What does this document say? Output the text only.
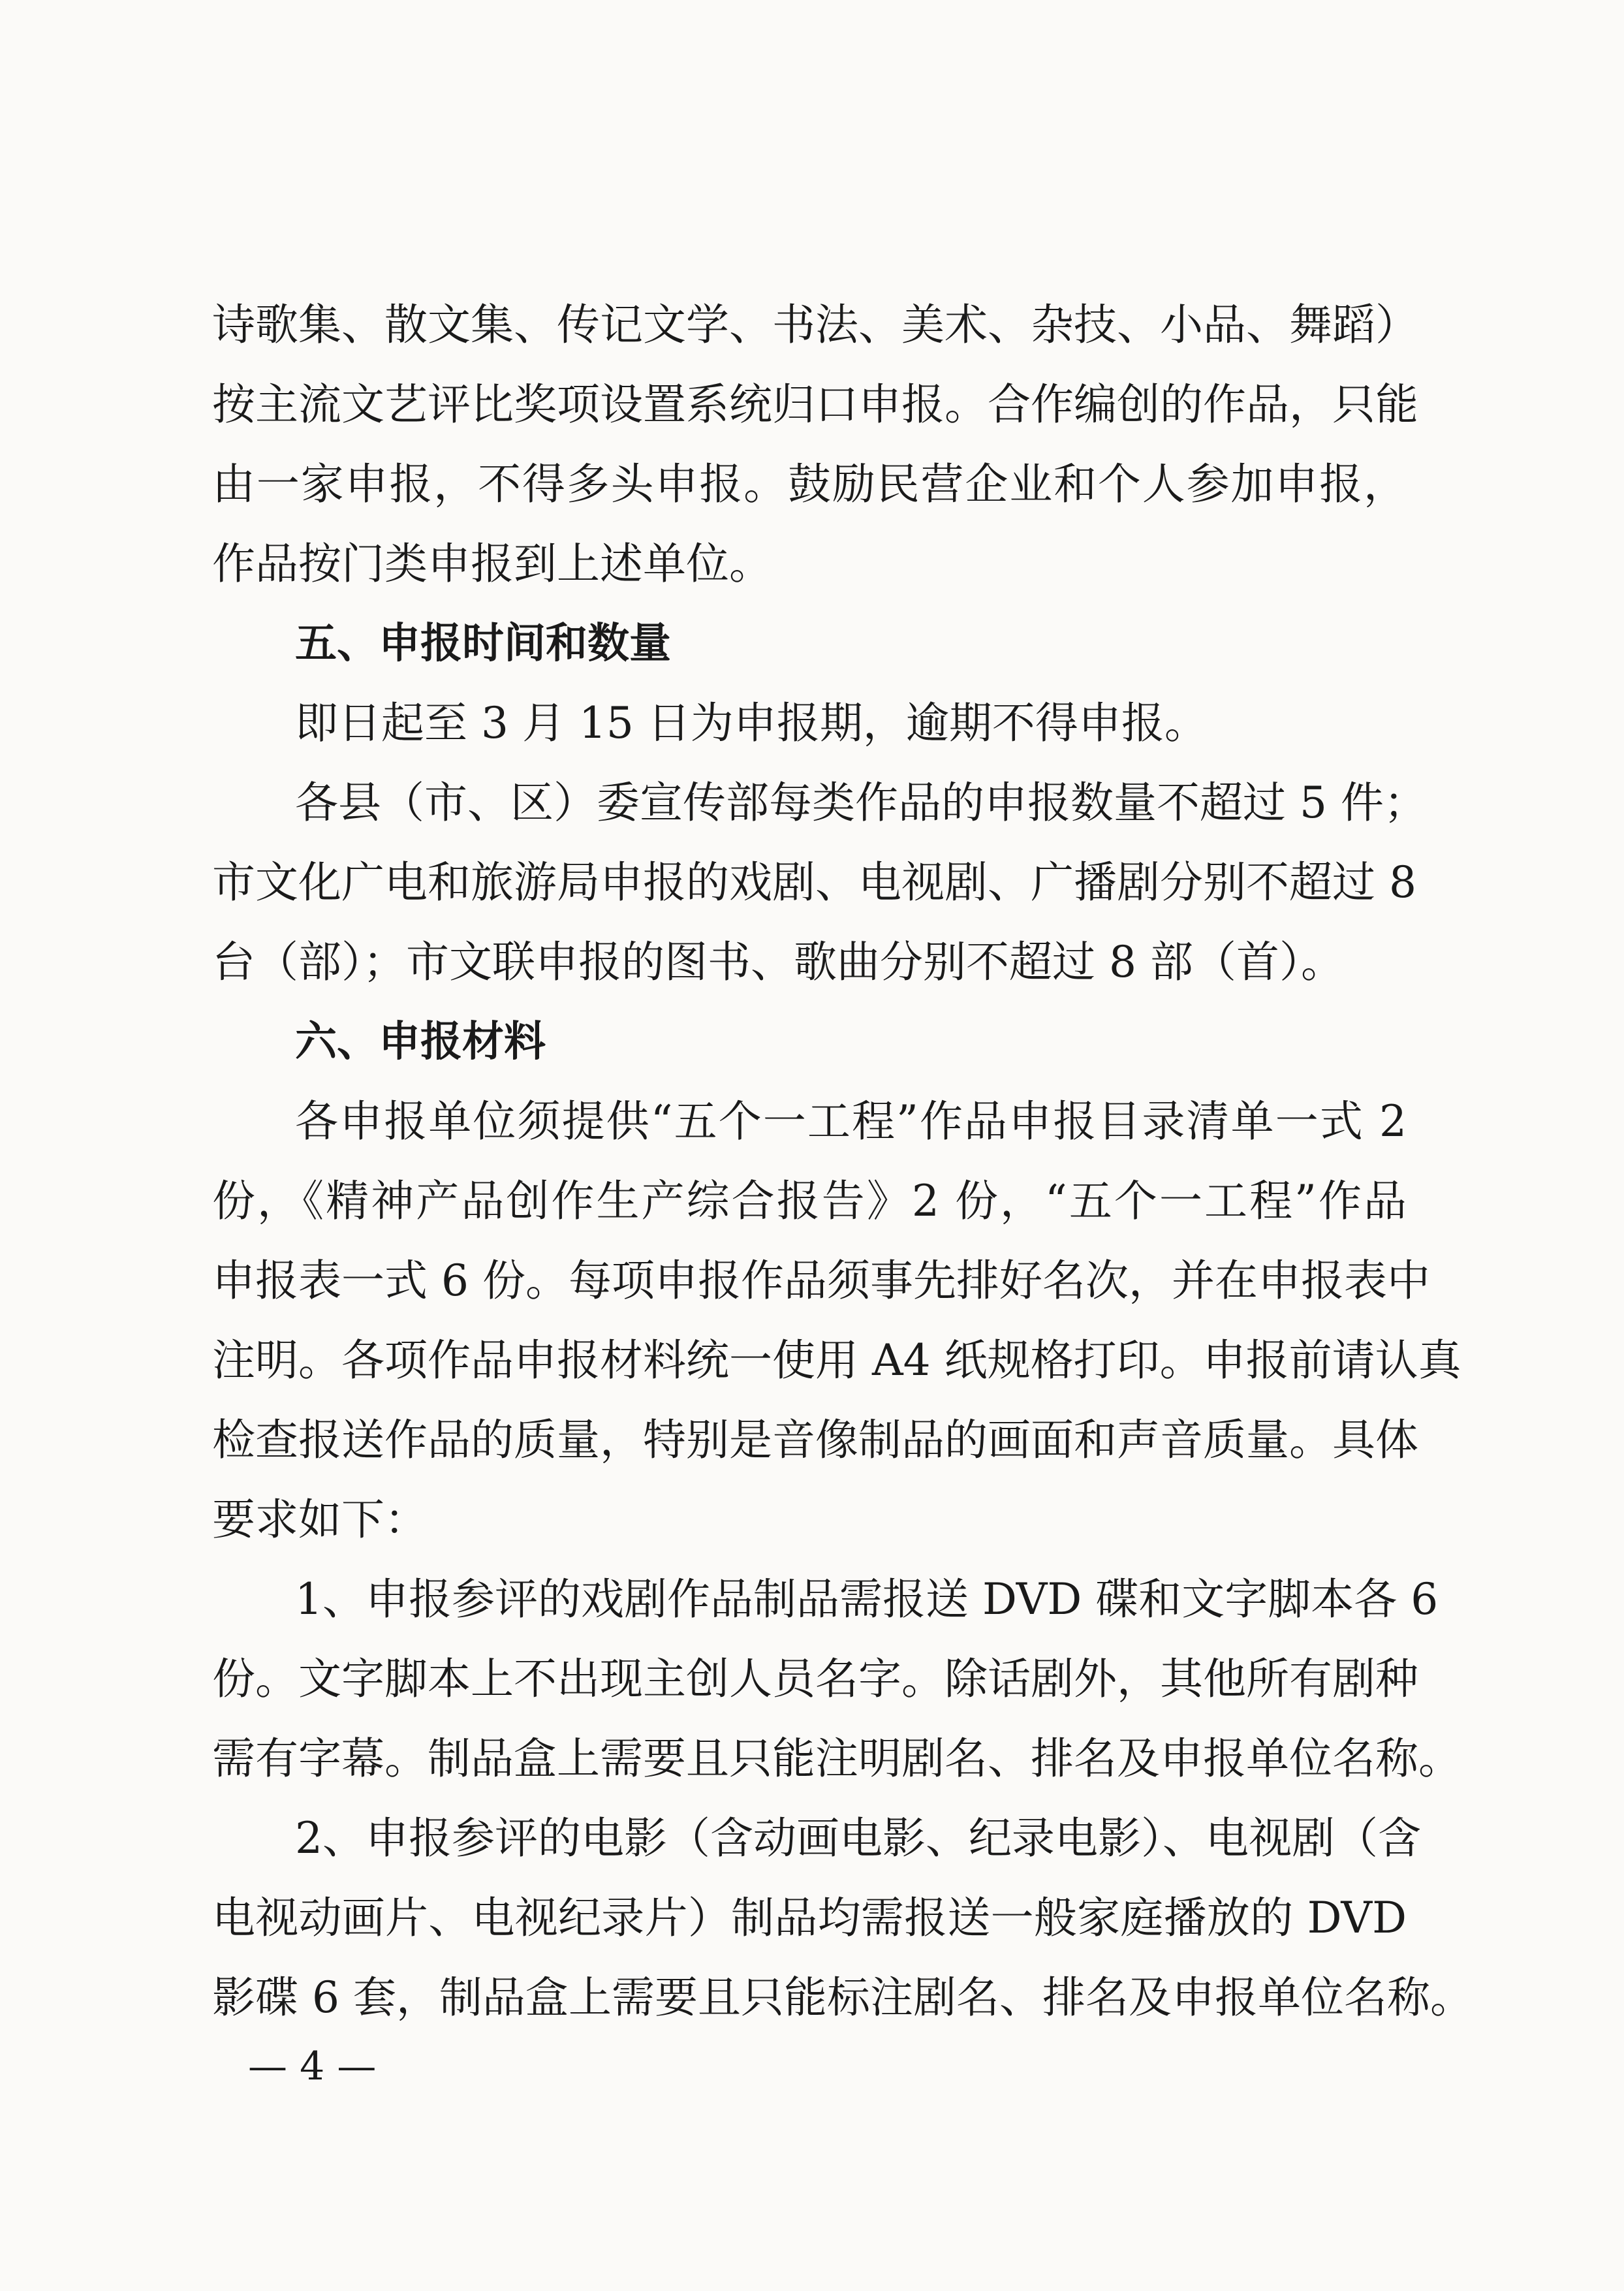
诗歌集、散文集、传记文学、书法、美术、杂技、小品、舞蹈）
按主流文艺评比奖项设置系统归口申报。合作编创的作品，只能
由一家申报，不得多头申报。鼓励民营企业和个人参加申报，
作品按门类申报到上述单位。
五、申报时间和数量
即日起至 3 月 15 日为申报期，逾期不得申报。
各县（市、区）委宣传部每类作品的申报数量不超过 5 件；
市文化广电和旅游局申报的戏剧、电视剧、广播剧分别不超过 8
台（部）；市文联申报的图书、歌曲分别不超过 8 部（首）。
六、申报材料
各申报单位须提供“五个一工程”作品申报目录清单一式 2
份，《精神产品创作生产综合报告》2 份，“五个一工程”作品
申报表一式 6 份。每项申报作品须事先排好名次，并在申报表中
注明。各项作品申报材料统一使用 A4 纸规格打印。申报前请认真
检查报送作品的质量，特别是音像制品的画面和声音质量。具体
要求如下：
1、申报参评的戏剧作品制品需报送 DVD 碟和文字脚本各 6
份。文字脚本上不出现主创人员名字。除话剧外，其他所有剧种
需有字幕。制品盒上需要且只能注明剧名、排名及申报单位名称。
2、申报参评的电影（含动画电影、纪录电影）、电视剧（含
电视动画片、电视纪录片）制品均需报送一般家庭播放的 DVD
影碟 6 套，制品盒上需要且只能标注剧名、排名及申报单位名称。
— 4 —
